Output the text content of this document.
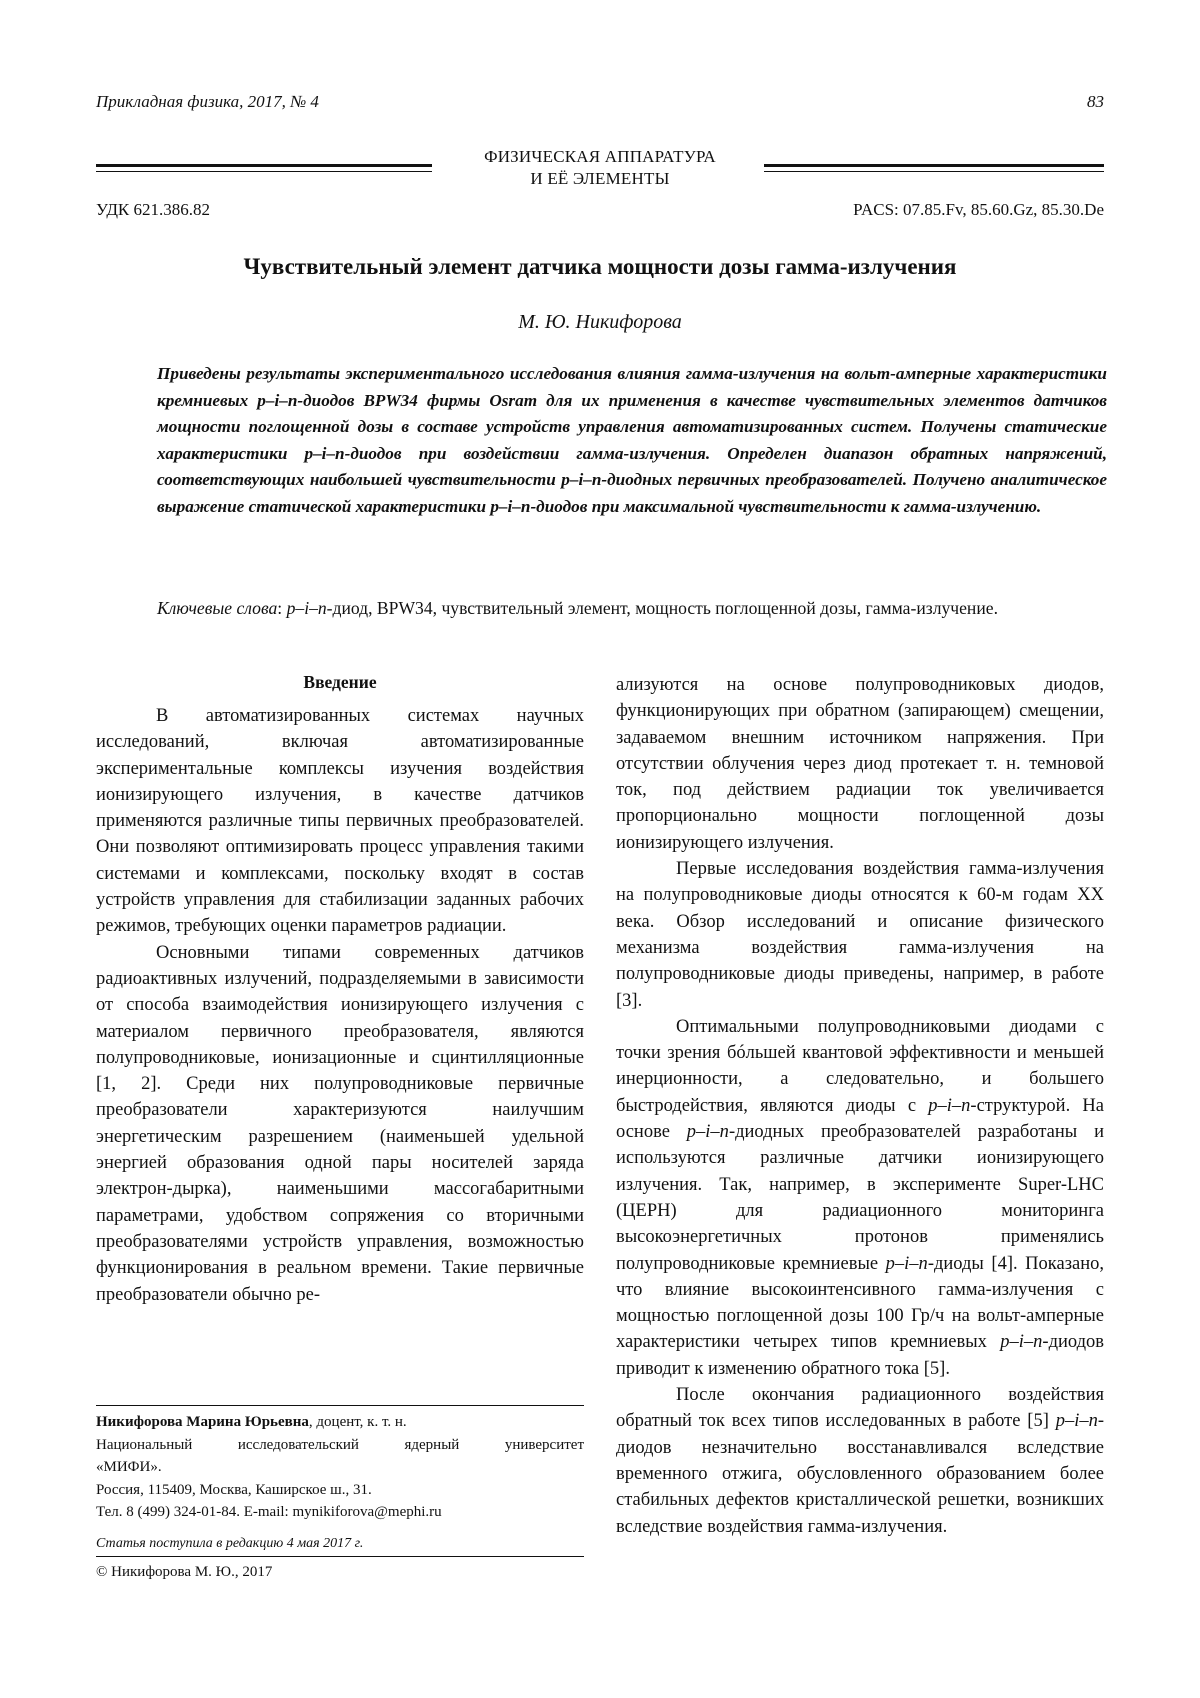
Прикладная физика, 2017, № 4	83
ФИЗИЧЕСКАЯ АППАРАТУРА
И ЕЁ ЭЛЕМЕНТЫ
УДК 621.386.82	PACS: 07.85.Fv, 85.60.Gz, 85.30.De
Чувствительный элемент датчика мощности дозы гамма-излучения
М. Ю. Никифорова
Приведены результаты экспериментального исследования влияния гамма-излучения на вольт-амперные характеристики кремниевых p–i–n-диодов BPW34 фирмы Osram для их применения в качестве чувствительных элементов датчиков мощности поглощенной дозы в составе устройств управления автоматизированных систем. Получены статические характеристики p–i–n-диодов при воздействии гамма-излучения. Определен диапазон обратных напряжений, соответствующих наибольшей чувствительности p–i–n-диодных первичных преобразователей. Получено аналитическое выражение статической характеристики p–i–n-диодов при максимальной чувствительности к гамма-излучению.
Ключевые слова: p–i–n-диод, BPW34, чувствительный элемент, мощность поглощенной дозы, гамма-излучение.
Введение

В автоматизированных системах научных исследований, включая автоматизированные экспериментальные комплексы изучения воздействия ионизирующего излучения, в качестве датчиков применяются различные типы первичных преобразователей. Они позволяют оптимизировать процесс управления такими системами и комплексами, поскольку входят в состав устройств управления для стабилизации заданных рабочих режимов, требующих оценки параметров радиации.

Основными типами современных датчиков радиоактивных излучений, подразделяемыми в зависимости от способа взаимодействия ионизирующего излучения с материалом первичного преобразователя, являются полупроводниковые, ионизационные и сцинтилляционные [1, 2]. Среди них полупроводниковые первичные преобразователи характеризуются наилучшим энергетическим разрешением (наименьшей удельной энергией образования одной пары носителей заряда электрон-дырка), наименьшими массогабаритными параметрами, удобством сопряжения со вторичными преобразователями устройств управления, возможностью функционирования в реальном времени. Такие первичные преобразователи обычно ре-

ализуются на основе полупроводниковых диодов, функционирующих при обратном (запирающем) смещении, задаваемом внешним источником напряжения. При отсутствии облучения через диод протекает т. н. темновой ток, под действием радиации ток увеличивается пропорционально мощности поглощенной дозы ионизирующего излучения.

Первые исследования воздействия гамма-излучения на полупроводниковые диоды относятся к 60-м годам XX века. Обзор исследований и описание физического механизма воздействия гамма-излучения на полупроводниковые диоды приведены, например, в работе [3].

Оптимальными полупроводниковыми диодами с точки зрения бóльшей квантовой эффективности и меньшей инерционности, а следовательно, и большего быстродействия, являются диоды с p–i–n-структурой. На основе p–i–n-диодных преобразователей разработаны и используются различные датчики ионизирующего излучения. Так, например, в эксперименте Super-LHC (ЦЕРН) для радиационного мониторинга высокоэнергетичных протонов применялись полупроводниковые кремниевые p–i–n-диоды [4]. Показано, что влияние высокоинтенсивного гамма-излучения с мощностью поглощенной дозы 100 Гр/ч на вольт-амперные характеристики четырех типов кремниевых p–i–n-диодов приводит к изменению обратного тока [5].

После окончания радиационного воздействия обратный ток всех типов исследованных в работе [5] p–i–n-диодов незначительно восстанавливался вследствие временного отжига, обусловленного образованием более стабильных дефектов кристаллической решетки, возникших вследствие воздействия гамма-излучения.

Никифорова Марина Юрьевна, доцент, к. т. н.
Национальный исследовательский ядерный университет
«МИФИ».
Россия, 115409, Москва, Каширское ш., 31.
Тел. 8 (499) 324-01-84. E-mail: mynikiforova@mephi.ru
Статья поступила в редакцию 4 мая 2017 г.
© Никифорова М. Ю., 2017
